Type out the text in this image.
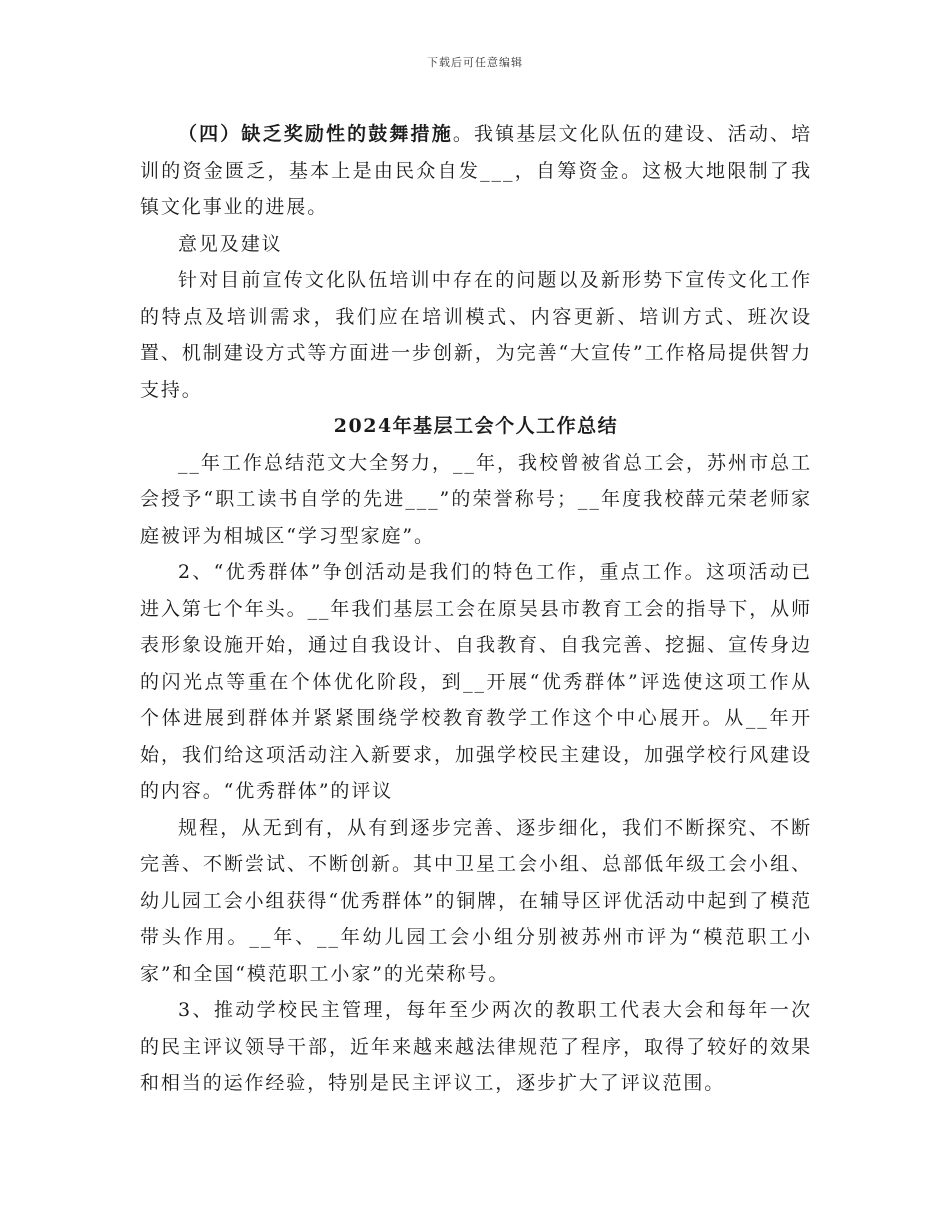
下载后可任意编辑

（四）缺乏奖励性的鼓舞措施。我镇基层文化队伍的建设、活动、培训的资金匮乏，基本上是由民众自发___，自筹资金。这极大地限制了我镇文化事业的进展。

意见及建议

针对目前宣传文化队伍培训中存在的问题以及新形势下宣传文化工作的特点及培训需求，我们应在培训模式、内容更新、培训方式、班次设置、机制建设方式等方面进一步创新，为完善“大宣传”工作格局提供智力支持。

2024年基层工会个人工作总结

__年工作总结范文大全努力，__年，我校曾被省总工会，苏州市总工会授予“职工读书自学的先进___”的荣誉称号；__年度我校薛元荣老师家庭被评为相城区“学习型家庭”。

2、“优秀群体”争创活动是我们的特色工作，重点工作。这项活动已进入第七个年头。__年我们基层工会在原吴县市教育工会的指导下，从师表形象设施开始，通过自我设计、自我教育、自我完善、挖掘、宣传身边的闪光点等重在个体优化阶段，到__开展“优秀群体”评选使这项工作从个体进展到群体并紧紧围绕学校教育教学工作这个中心展开。从__年开始，我们给这项活动注入新要求，加强学校民主建设，加强学校行风建设的内容。“优秀群体”的评议

规程，从无到有，从有到逐步完善、逐步细化，我们不断探究、不断完善、不断尝试、不断创新。其中卫星工会小组、总部低年级工会小组、幼儿园工会小组获得“优秀群体”的铜牌，在辅导区评优活动中起到了模范带头作用。__年、__年幼儿园工会小组分别被苏州市评为“模范职工小家”和全国“模范职工小家”的光荣称号。

3、推动学校民主管理，每年至少两次的教职工代表大会和每年一次的民主评议领导干部，近年来越来越法律规范了程序，取得了较好的效果和相当的运作经验，特别是民主评议工，逐步扩大了评议范围。
